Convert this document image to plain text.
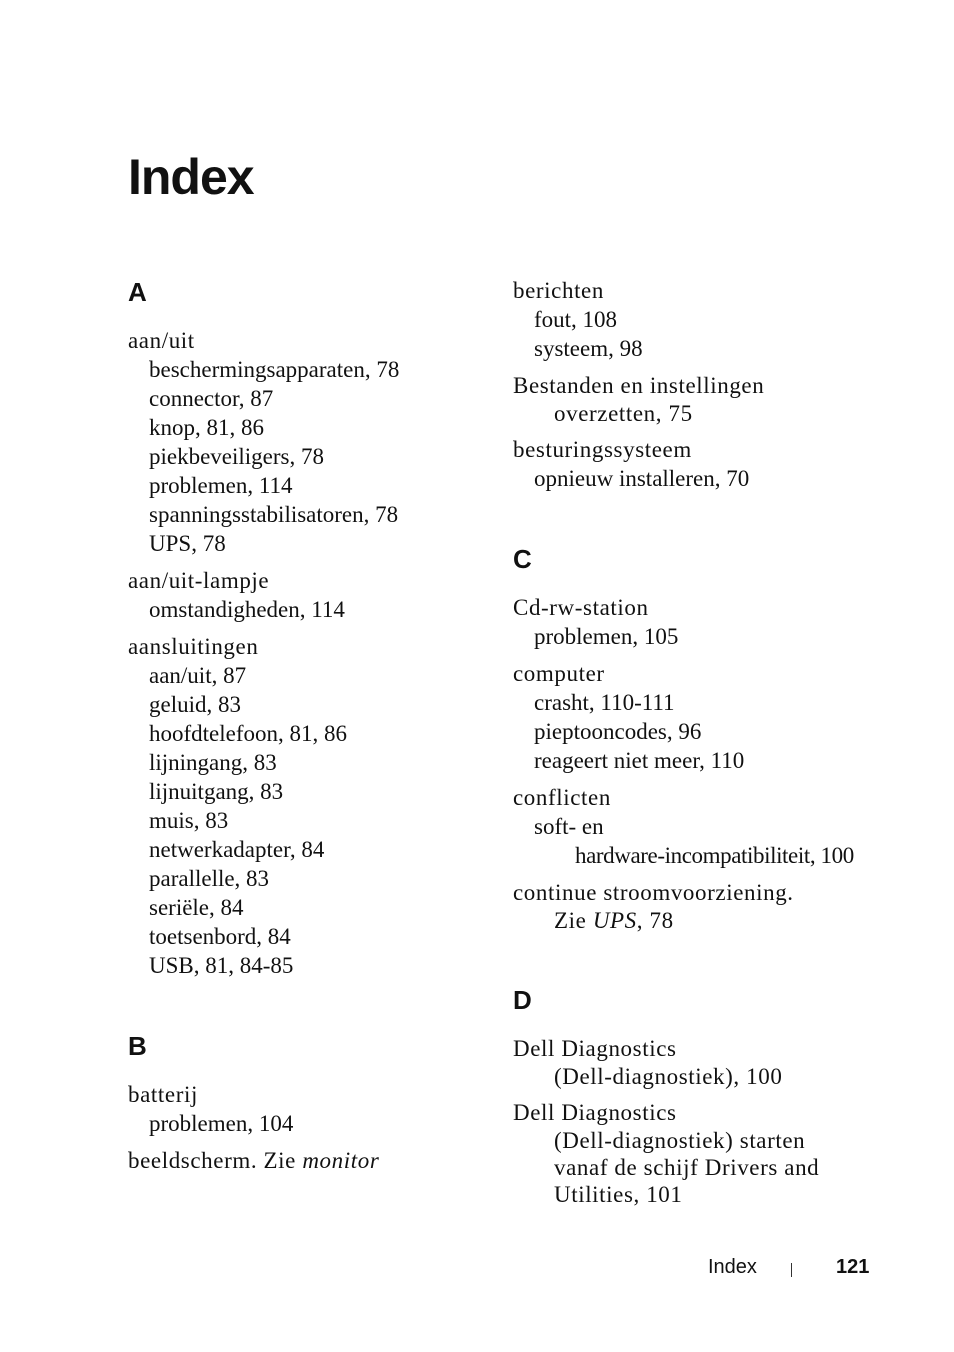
Index
A
aan/uit
beschermingsapparaten, 78
connector, 87
knop, 81, 86
piekbeveiligers, 78
problemen, 114
spanningsstabilisatoren, 78
UPS, 78
aan/uit-lampje
omstandigheden, 114
aansluitingen
aan/uit, 87
geluid, 83
hoofdtelefoon, 81, 86
lijningang, 83
lijnuitgang, 83
muis, 83
netwerkadapter, 84
parallelle, 83
seriële, 84
toetsenbord, 84
USB, 81, 84-85
B
batterij
problemen, 104
beeldscherm. Zie monitor
berichten
fout, 108
systeem, 98
Bestanden en instellingen
overzetten, 75
besturingssysteem
opnieuw installeren, 70
C
Cd-rw-station
problemen, 105
computer
crasht, 110-111
pieptooncodes, 96
reageert niet meer, 110
conflicten
soft- en
hardware-incompatibiliteit, 100
continue stroomvoorziening.
Zie UPS, 78
D
Dell Diagnostics
(Dell-diagnostiek), 100
Dell Diagnostics
(Dell-diagnostiek) starten
vanaf de schijf Drivers and
Utilities, 101
Index	121
